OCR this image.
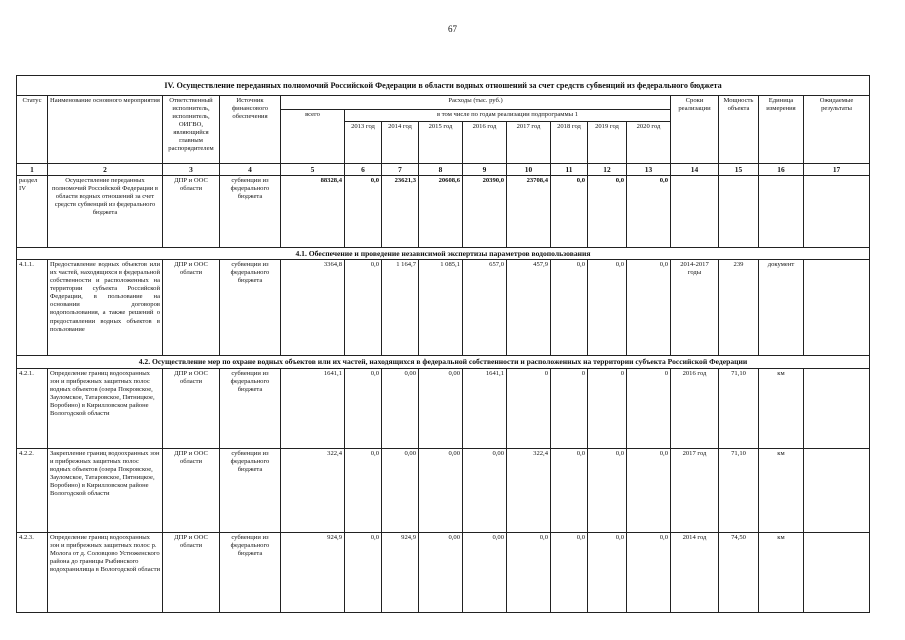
67
IV. Осуществление переданных полномочий Российской Федерации в области водных отношений за счет средств субвенций из федерального бюджета																
Статус	Наименование основного мероприятия	Ответственный исполнитель, исполнитель, ОИГВО, являющийся главным распорядителем	Источник финансового обеспечения	Расходы (тыс. руб.)									Сроки реализации	Мощность объекта	Единица измерения	Ожидаемые результаты
				всего	в том числе по годам реализации подпрограммы 1											
					2013 год	2014 год	2015 год	2016 год	2017 год	2018 год	2019 год	2020 год				
1	2	3	4	5	6	7	8	9	10	11	12	13	14	15	16	17
раздел IV	Осуществление переданных полномочий Российской Федерации в области водных отношений за счет средств субвенций из федерального бюджета	ДПР и ООС области	субвенции из федерального бюджета	88328,4	0,0	23621,3	20608,6	20390,0	23708,4	0,0	0,0	0,0				
4.1. Обеспечение и проведение независимой экспертизы параметров водопользования																
4.1.1.	Предоставление водных объектов или их частей, находящихся в федеральной собственности и расположенных на территории субъекта Российской Федерации, в пользование на основании договоров водопользования, а также решений о предоставлении водных объектов в пользование	ДПР и ООС области	субвенции из федерального бюджета	3364,8	0,0	1 164,7	1 085,1	657,0	457,9	0,0	0,0	0,0	2014-2017 годы	239	документ	
4.2. Осуществление мер по охране водных объектов или их частей, находящихся в федеральной собственности и расположенных на территории субъекта Российской Федерации																
4.2.1.	Определение границ водоохранных зон и прибрежных защитных полос водных объектов (озера Покровское, Зауломское, Татаровское, Пятницкое, Воробино) в Кирилловском районе Вологодской области	ДПР и ООС области	субвенции из федерального бюджета	1641,1	0,0	0,00	0,00	1641,1	0	0	0	0	2016 год	71,10	км	
4.2.2.	Закрепление границ водоохранных зон и прибрежных защитных полос водных объектов (озера Покровское, Зауломское, Татаровское, Пятницкое, Воробино) в Кирилловском районе Вологодской области	ДПР и ООС области	субвенции из федерального бюджета	322,4	0,0	0,00	0,00	0,00	322,4	0,0	0,0	0,0	2017 год	71,10	км	
4.2.3.	Определение границ водоохранных зон и прибрежных защитных полос р. Молога от д. Соловцово Устюженского района до границы Рыбинского водохранилища в Вологодской области	ДПР и ООС области	субвенции из федерального бюджета	924,9	0,0	924,9	0,00	0,00	0,0	0,0	0,0	0,0	2014 год	74,50	км	
